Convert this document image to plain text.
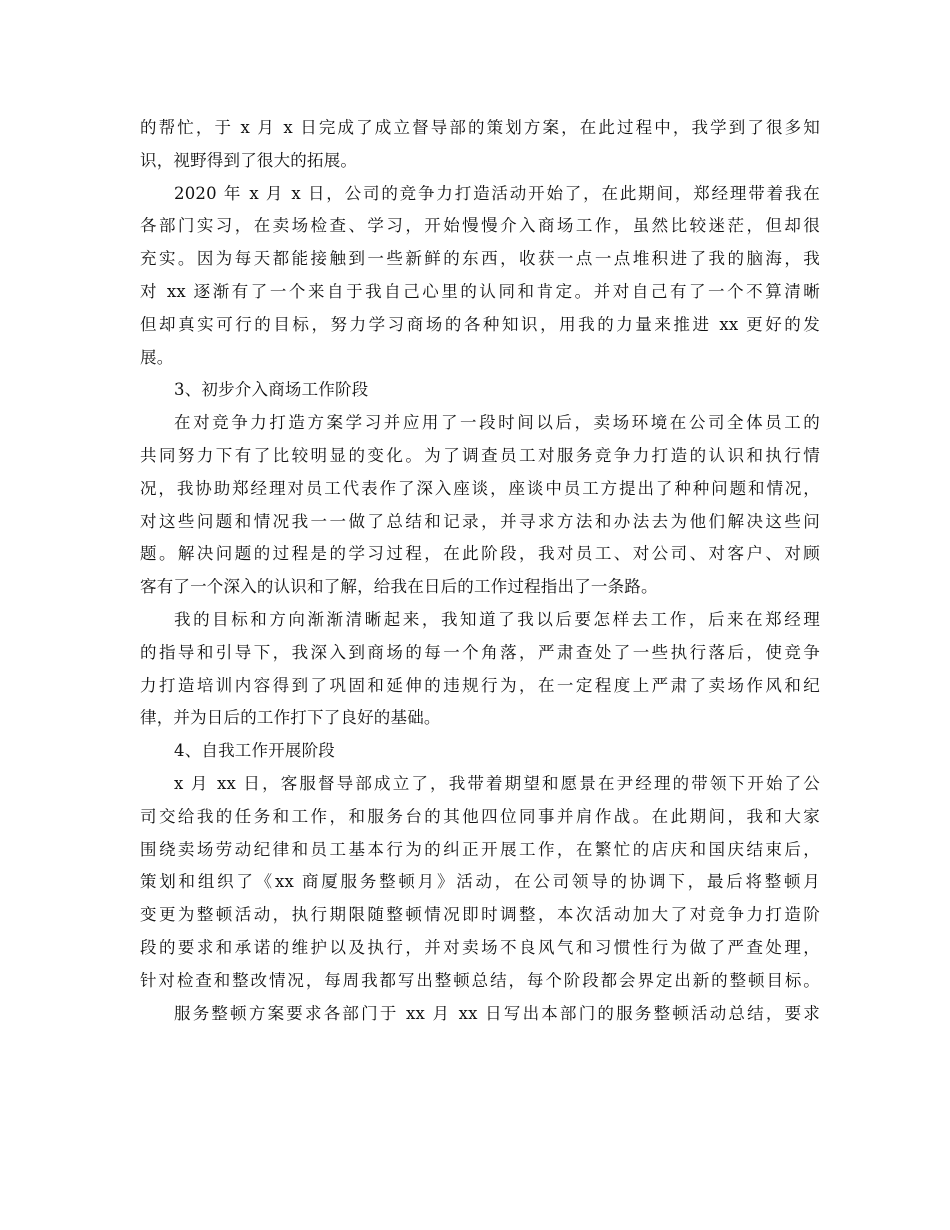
的帮忙，于 x 月 x 日完成了成立督导部的策划方案，在此过程中，我学到了很多知
识，视野得到了很大的拓展。
2020 年 x 月 x 日，公司的竞争力打造活动开始了，在此期间，郑经理带着我在
各部门实习，在卖场检查、学习，开始慢慢介入商场工作，虽然比较迷茫，但却很
充实。因为每天都能接触到一些新鲜的东西，收获一点一点堆积进了我的脑海，我
对 xx 逐渐有了一个来自于我自己心里的认同和肯定。并对自己有了一个不算清晰
但却真实可行的目标，努力学习商场的各种知识，用我的力量来推进 xx 更好的发
展。
3、初步介入商场工作阶段
在对竞争力打造方案学习并应用了一段时间以后，卖场环境在公司全体员工的
共同努力下有了比较明显的变化。为了调查员工对服务竞争力打造的认识和执行情
况，我协助郑经理对员工代表作了深入座谈，座谈中员工方提出了种种问题和情况，
对这些问题和情况我一一做了总结和记录，并寻求方法和办法去为他们解决这些问
题。解决问题的过程是的学习过程，在此阶段，我对员工、对公司、对客户、对顾
客有了一个深入的认识和了解，给我在日后的工作过程指出了一条路。
我的目标和方向渐渐清晰起来，我知道了我以后要怎样去工作，后来在郑经理
的指导和引导下，我深入到商场的每一个角落，严肃查处了一些执行落后，使竞争
力打造培训内容得到了巩固和延伸的违规行为，在一定程度上严肃了卖场作风和纪
律，并为日后的工作打下了良好的基础。
4、自我工作开展阶段
x 月 xx 日，客服督导部成立了，我带着期望和愿景在尹经理的带领下开始了公
司交给我的任务和工作，和服务台的其他四位同事并肩作战。在此期间，我和大家
围绕卖场劳动纪律和员工基本行为的纠正开展工作，在繁忙的店庆和国庆结束后，
策划和组织了《xx 商厦服务整顿月》活动，在公司领导的协调下，最后将整顿月
变更为整顿活动，执行期限随整顿情况即时调整，本次活动加大了对竞争力打造阶
段的要求和承诺的维护以及执行，并对卖场不良风气和习惯性行为做了严查处理，
针对检查和整改情况，每周我都写出整顿总结，每个阶段都会界定出新的整顿目标。
服务整顿方案要求各部门于 xx 月 xx 日写出本部门的服务整顿活动总结，要求
